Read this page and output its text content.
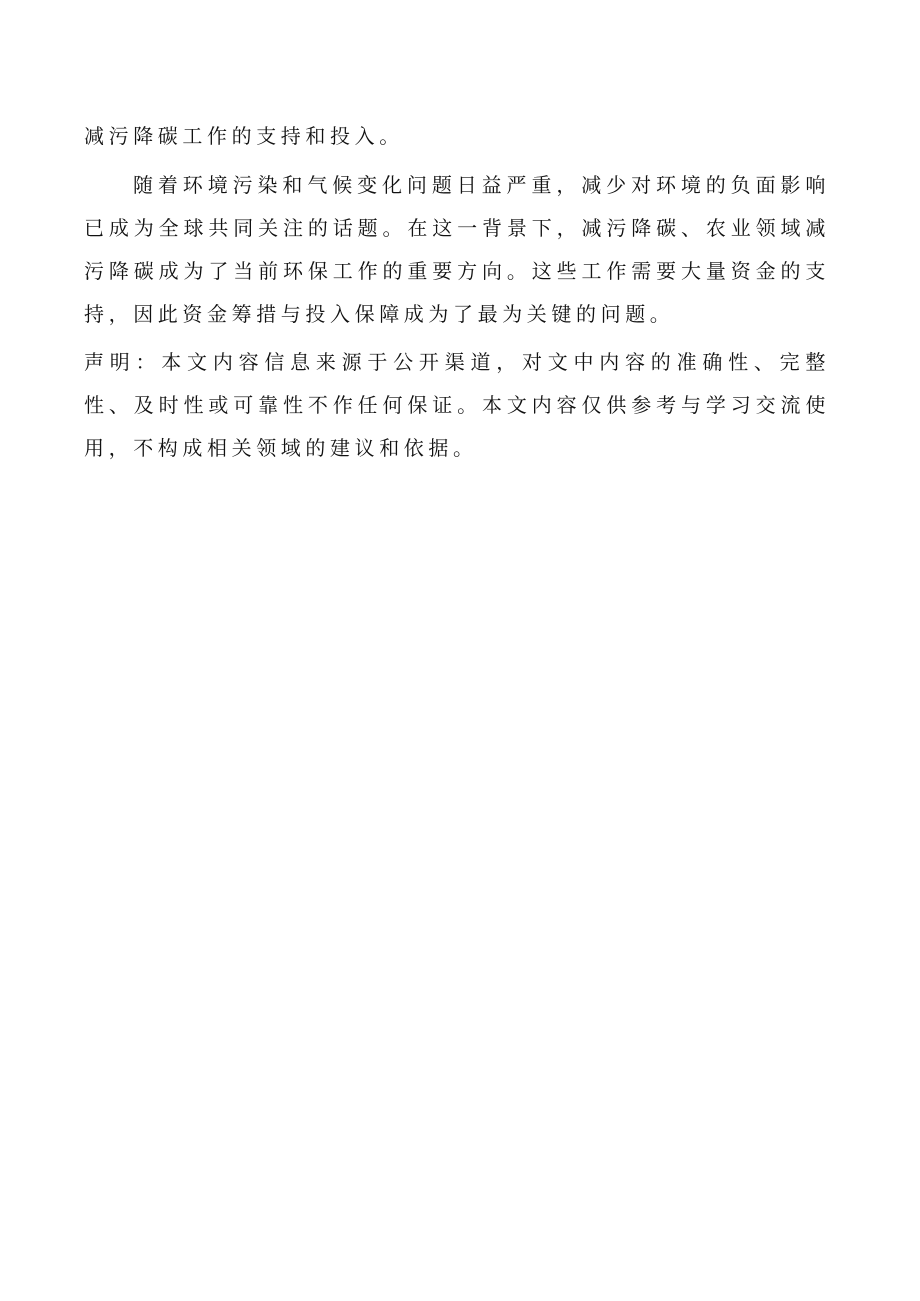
减污降碳工作的支持和投入。

随着环境污染和气候变化问题日益严重，减少对环境的负面影响已成为全球共同关注的话题。在这一背景下，减污降碳、农业领域减污降碳成为了当前环保工作的重要方向。这些工作需要大量资金的支持，因此资金筹措与投入保障成为了最为关键的问题。

声明：本文内容信息来源于公开渠道，对文中内容的准确性、完整性、及时性或可靠性不作任何保证。本文内容仅供参考与学习交流使用，不构成相关领域的建议和依据。
